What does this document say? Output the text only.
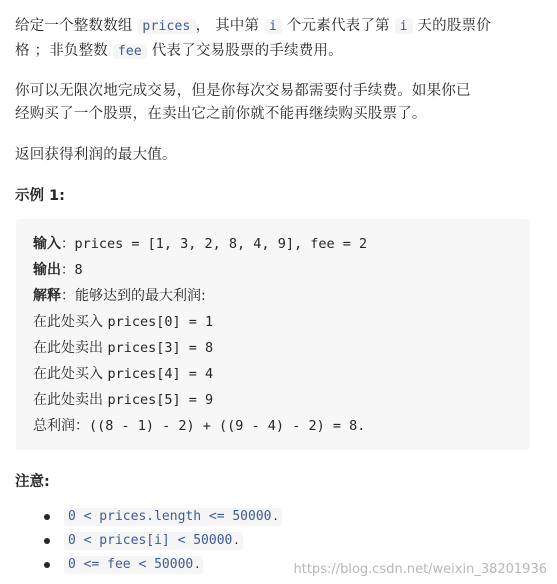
给定一个整数数组 prices ， 其中第 i 个元素代表了第 i 天的股票价
格 ；非负整数 fee 代表了交易股票的手续费用。
你可以无限次地完成交易，但是你每次交易都需要付手续费。如果你已
经购买了一个股票，在卖出它之前你就不能再继续购买股票了。
返回获得利润的最大值。
示例 1:
输入：prices = [1, 3, 2, 8, 4, 9], fee = 2
输出：8
解释：能够达到的最大利润:
在此处买入 prices[0] = 1
在此处卖出 prices[3] = 8
在此处买入 prices[4] = 4
在此处卖出 prices[5] = 9
总利润：((8 - 1) - 2) + ((9 - 4) - 2) = 8.
注意:
0 < prices.length <= 50000 .
0 < prices[i] < 50000 .
0 <= fee < 50000 .	https://blog.csdn.net/weixin_38201936
